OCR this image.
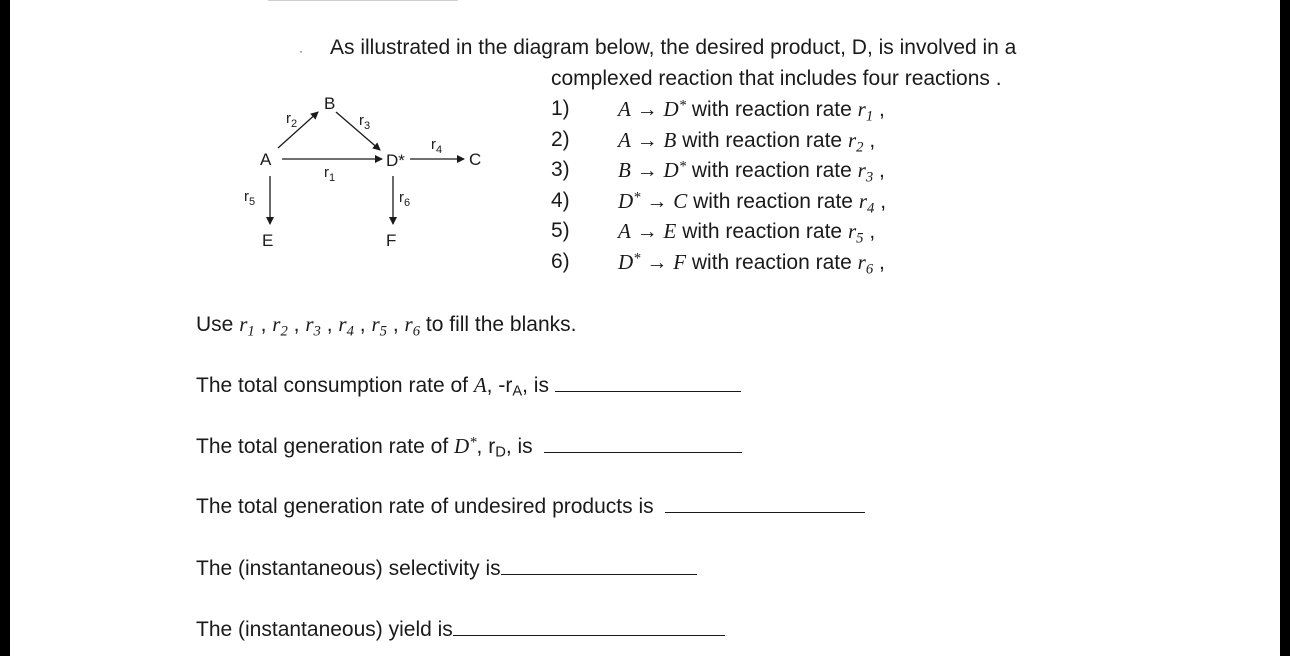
· As illustrated in the diagram below, the desired product, D, is involved in a
complexed reaction that includes four reactions .
A
B
D*	C
E	F
$r_2$	$r_3$
$r_4$
$r_1$
$r_5$	$r_6$
1) A → D* with reaction rate $r_1$ ,
2) A → B with reaction rate $r_2$ ,
3) B → D* with reaction rate $r_3$ ,
4) D* → C with reaction rate $r_4$ ,
5) A → E with reaction rate $r_5$ ,
6) D* → F with reaction rate $r_6$ ,
Use $r_1$ , $r_2$ , $r_3$ , $r_4$ , $r_5$ , $r_6$ to fill the blanks.
The total consumption rate of A, -rA, is
The total generation rate of D*, rD, is
The total generation rate of undesired products is
The (instantaneous) selectivity is
The (instantaneous) yield is
